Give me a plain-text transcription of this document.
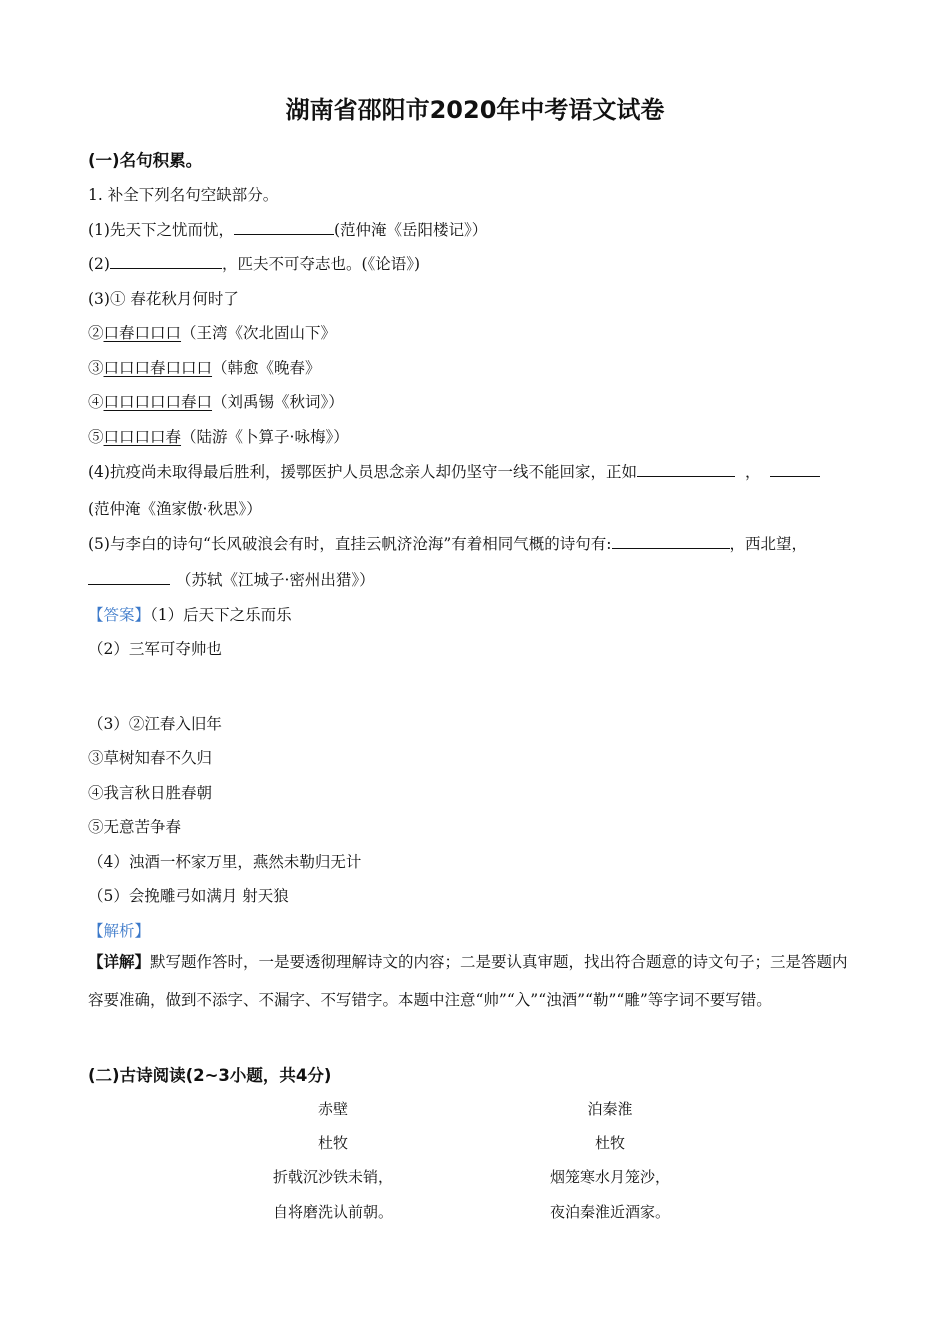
湖南省邵阳市2020年中考语文试卷
(一)名句积累。
1. 补全下列名句空缺部分。
(1)先天下之忧而忧，	(范仲淹《岳阳楼记》）
(2)	，匹夫不可夺志也。(《论语》)
(3)① 春花秋月何时了
②口春口口口（王湾《次北固山下》
③口口口春口口口（韩愈《晚春》
④口口口口口春口（刘禹锡《秋词》）
⑤口口口口春（陆游《卜算子·咏梅》）
(4)抗疫尚未取得最后胜利，援鄂医护人员思念亲人却仍坚守一线不能回家，正如	，
(范仲淹《渔家傲·秋思》）
(5)与李白的诗句“长风破浪会有时，直挂云帆济沧海”有着相同气概的诗句有:	，西北望，
（苏轼《江城子·密州出猎》）
【答案】（1）后天下之乐而乐
（2）三军可夺帅也
（3）②江春入旧年
③草树知春不久归
④我言秋日胜春朝
⑤无意苦争春
（4）浊酒一杯家万里，燕然未勒归无计
（5）会挽雕弓如满月 射天狼
【解析】
【详解】默写题作答时，一是要透彻理解诗文的内容；二是要认真审题，找出符合题意的诗文句子；三是答题内容要准确，做到不添字、不漏字、不写错字。本题中注意“帅”“入”“浊酒”“勒”“雕”等字词不要写错。
(二)古诗阅读(2~3小题，共4分)
赤壁
杜牧
折戟沉沙铁未销，
自将磨洗认前朝。
泊秦淮
杜牧
烟笼寒水月笼沙，
夜泊秦淮近酒家。
